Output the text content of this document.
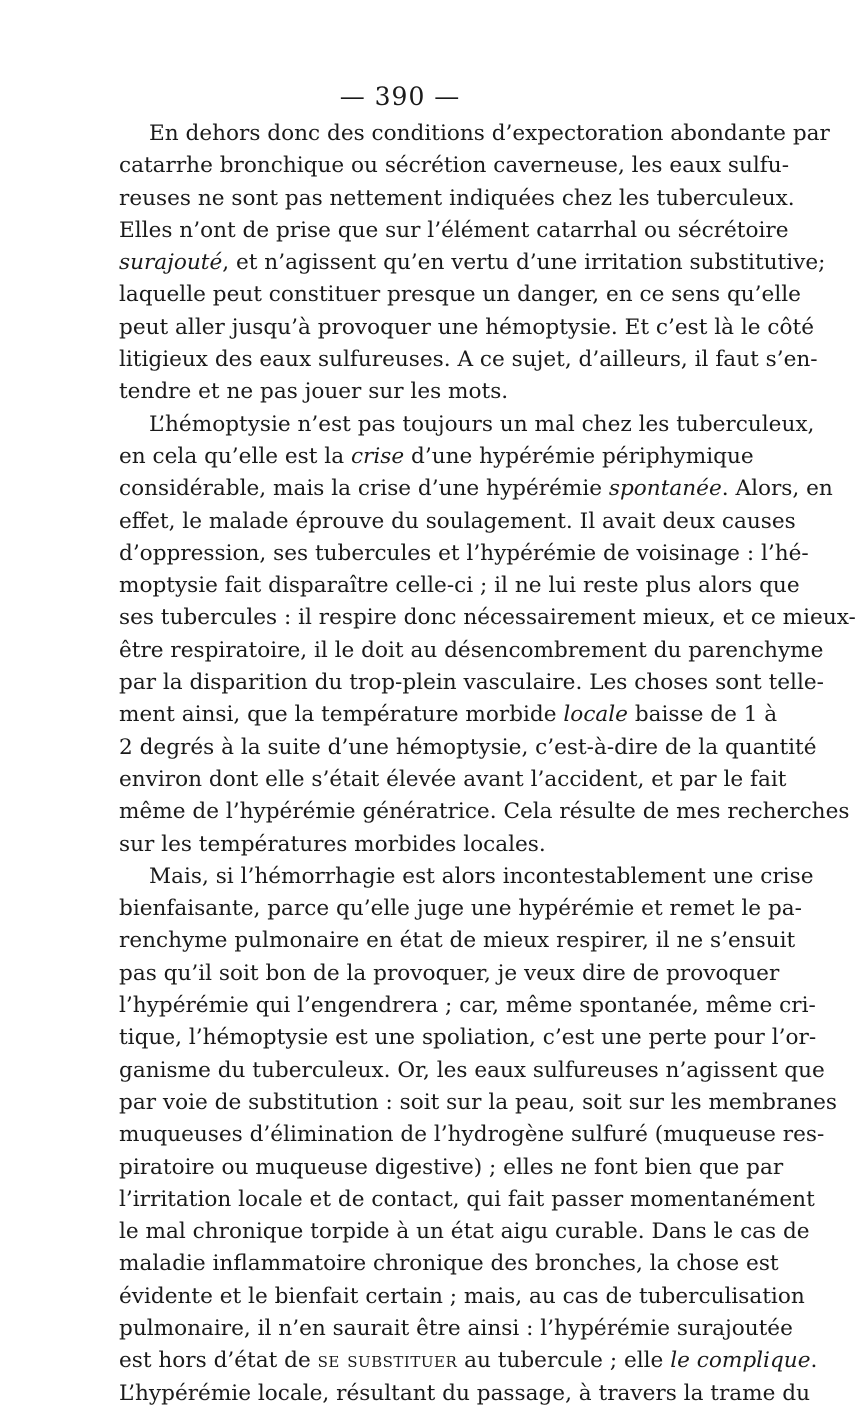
— 390 —
En dehors donc des conditions d’expectoration abondante par
catarrhe bronchique ou sécrétion caverneuse, les eaux sulfu-
reuses ne sont pas nettement indiquées chez les tuberculeux.
Elles n’ont de prise que sur l’élément catarrhal ou sécrétoire
surajouté, et n’agissent qu’en vertu d’une irritation substitutive;
laquelle peut constituer presque un danger, en ce sens qu’elle
peut aller jusqu’à provoquer une hémoptysie. Et c’est là le côté
litigieux des eaux sulfureuses. A ce sujet, d’ailleurs, il faut s’en-
tendre et ne pas jouer sur les mots.
L’hémoptysie n’est pas toujours un mal chez les tuberculeux,
en cela qu’elle est la crise d’une hypérémie périphymique
considérable, mais la crise d’une hypérémie spontanée. Alors, en
effet, le malade éprouve du soulagement. Il avait deux causes
d’oppression, ses tubercules et l’hypérémie de voisinage : l’hé-
moptysie fait disparaître celle-ci ; il ne lui reste plus alors que
ses tubercules : il respire donc nécessairement mieux, et ce mieux-
être respiratoire, il le doit au désencombrement du parenchyme
par la disparition du trop-plein vasculaire. Les choses sont telle-
ment ainsi, que la température morbide locale baisse de 1 à
2 degrés à la suite d’une hémoptysie, c’est-à-dire de la quantité
environ dont elle s’était élevée avant l’accident, et par le fait
même de l’hypérémie génératrice. Cela résulte de mes recherches
sur les températures morbides locales.
Mais, si l’hémorrhagie est alors incontestablement une crise
bienfaisante, parce qu’elle juge une hypérémie et remet le pa-
renchyme pulmonaire en état de mieux respirer, il ne s’ensuit
pas qu’il soit bon de la provoquer, je veux dire de provoquer
l’hypérémie qui l’engendrera ; car, même spontanée, même cri-
tique, l’hémoptysie est une spoliation, c’est une perte pour l’or-
ganisme du tuberculeux. Or, les eaux sulfureuses n’agissent que
par voie de substitution : soit sur la peau, soit sur les membranes
muqueuses d’élimination de l’hydrogène sulfuré (muqueuse res-
piratoire ou muqueuse digestive) ; elles ne font bien que par
l’irritation locale et de contact, qui fait passer momentanément
le mal chronique torpide à un état aigu curable. Dans le cas de
maladie inflammatoire chronique des bronches, la chose est
évidente et le bienfait certain ; mais, au cas de tuberculisation
pulmonaire, il n’en saurait être ainsi : l’hypérémie surajoutée
est hors d’état de se substituer au tubercule ; elle le complique.
L’hypérémie locale, résultant du passage, à travers la trame du
